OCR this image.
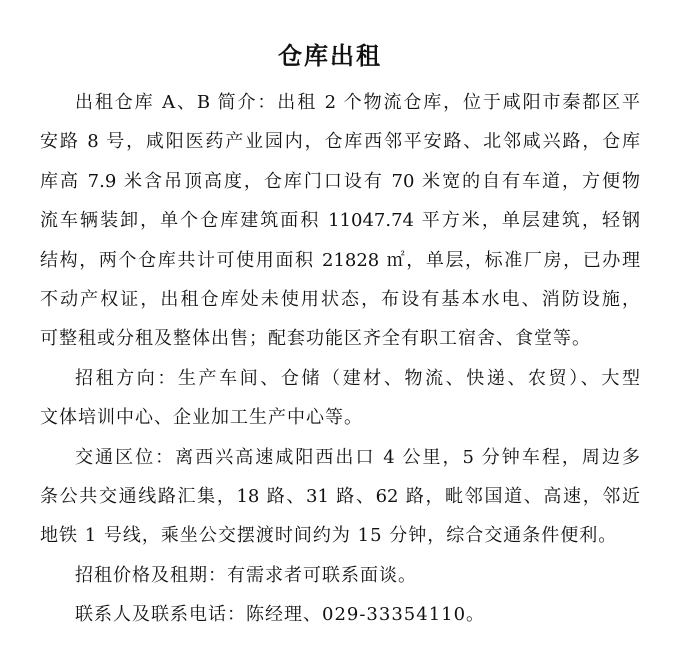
仓库出租
出租仓库 A、B 简介：出租 2 个物流仓库，位于咸阳市秦都区平
安路 8 号，咸阳医药产业园内，仓库西邻平安路、北邻咸兴路，仓库
库高 7.9 米含吊顶高度，仓库门口设有 70 米宽的自有车道，方便物
流车辆装卸，单个仓库建筑面积 11047.74 平方米，单层建筑，轻钢
结构，两个仓库共计可使用面积 21828 ㎡，单层，标准厂房，已办理
不动产权证，出租仓库处未使用状态，布设有基本水电、消防设施，
可整租或分租及整体出售；配套功能区齐全有职工宿舍、食堂等。
招租方向：生产车间、仓储（建材、物流、快递、农贸）、大型
文体培训中心、企业加工生产中心等。
交通区位：离西兴高速咸阳西出口 4 公里，5 分钟车程，周边多
条公共交通线路汇集，18 路、31 路、62 路，毗邻国道、高速，邻近
地铁 1 号线，乘坐公交摆渡时间约为 15 分钟，综合交通条件便利。
招租价格及租期：有需求者可联系面谈。
联系人及联系电话：陈经理、029-33354110。
